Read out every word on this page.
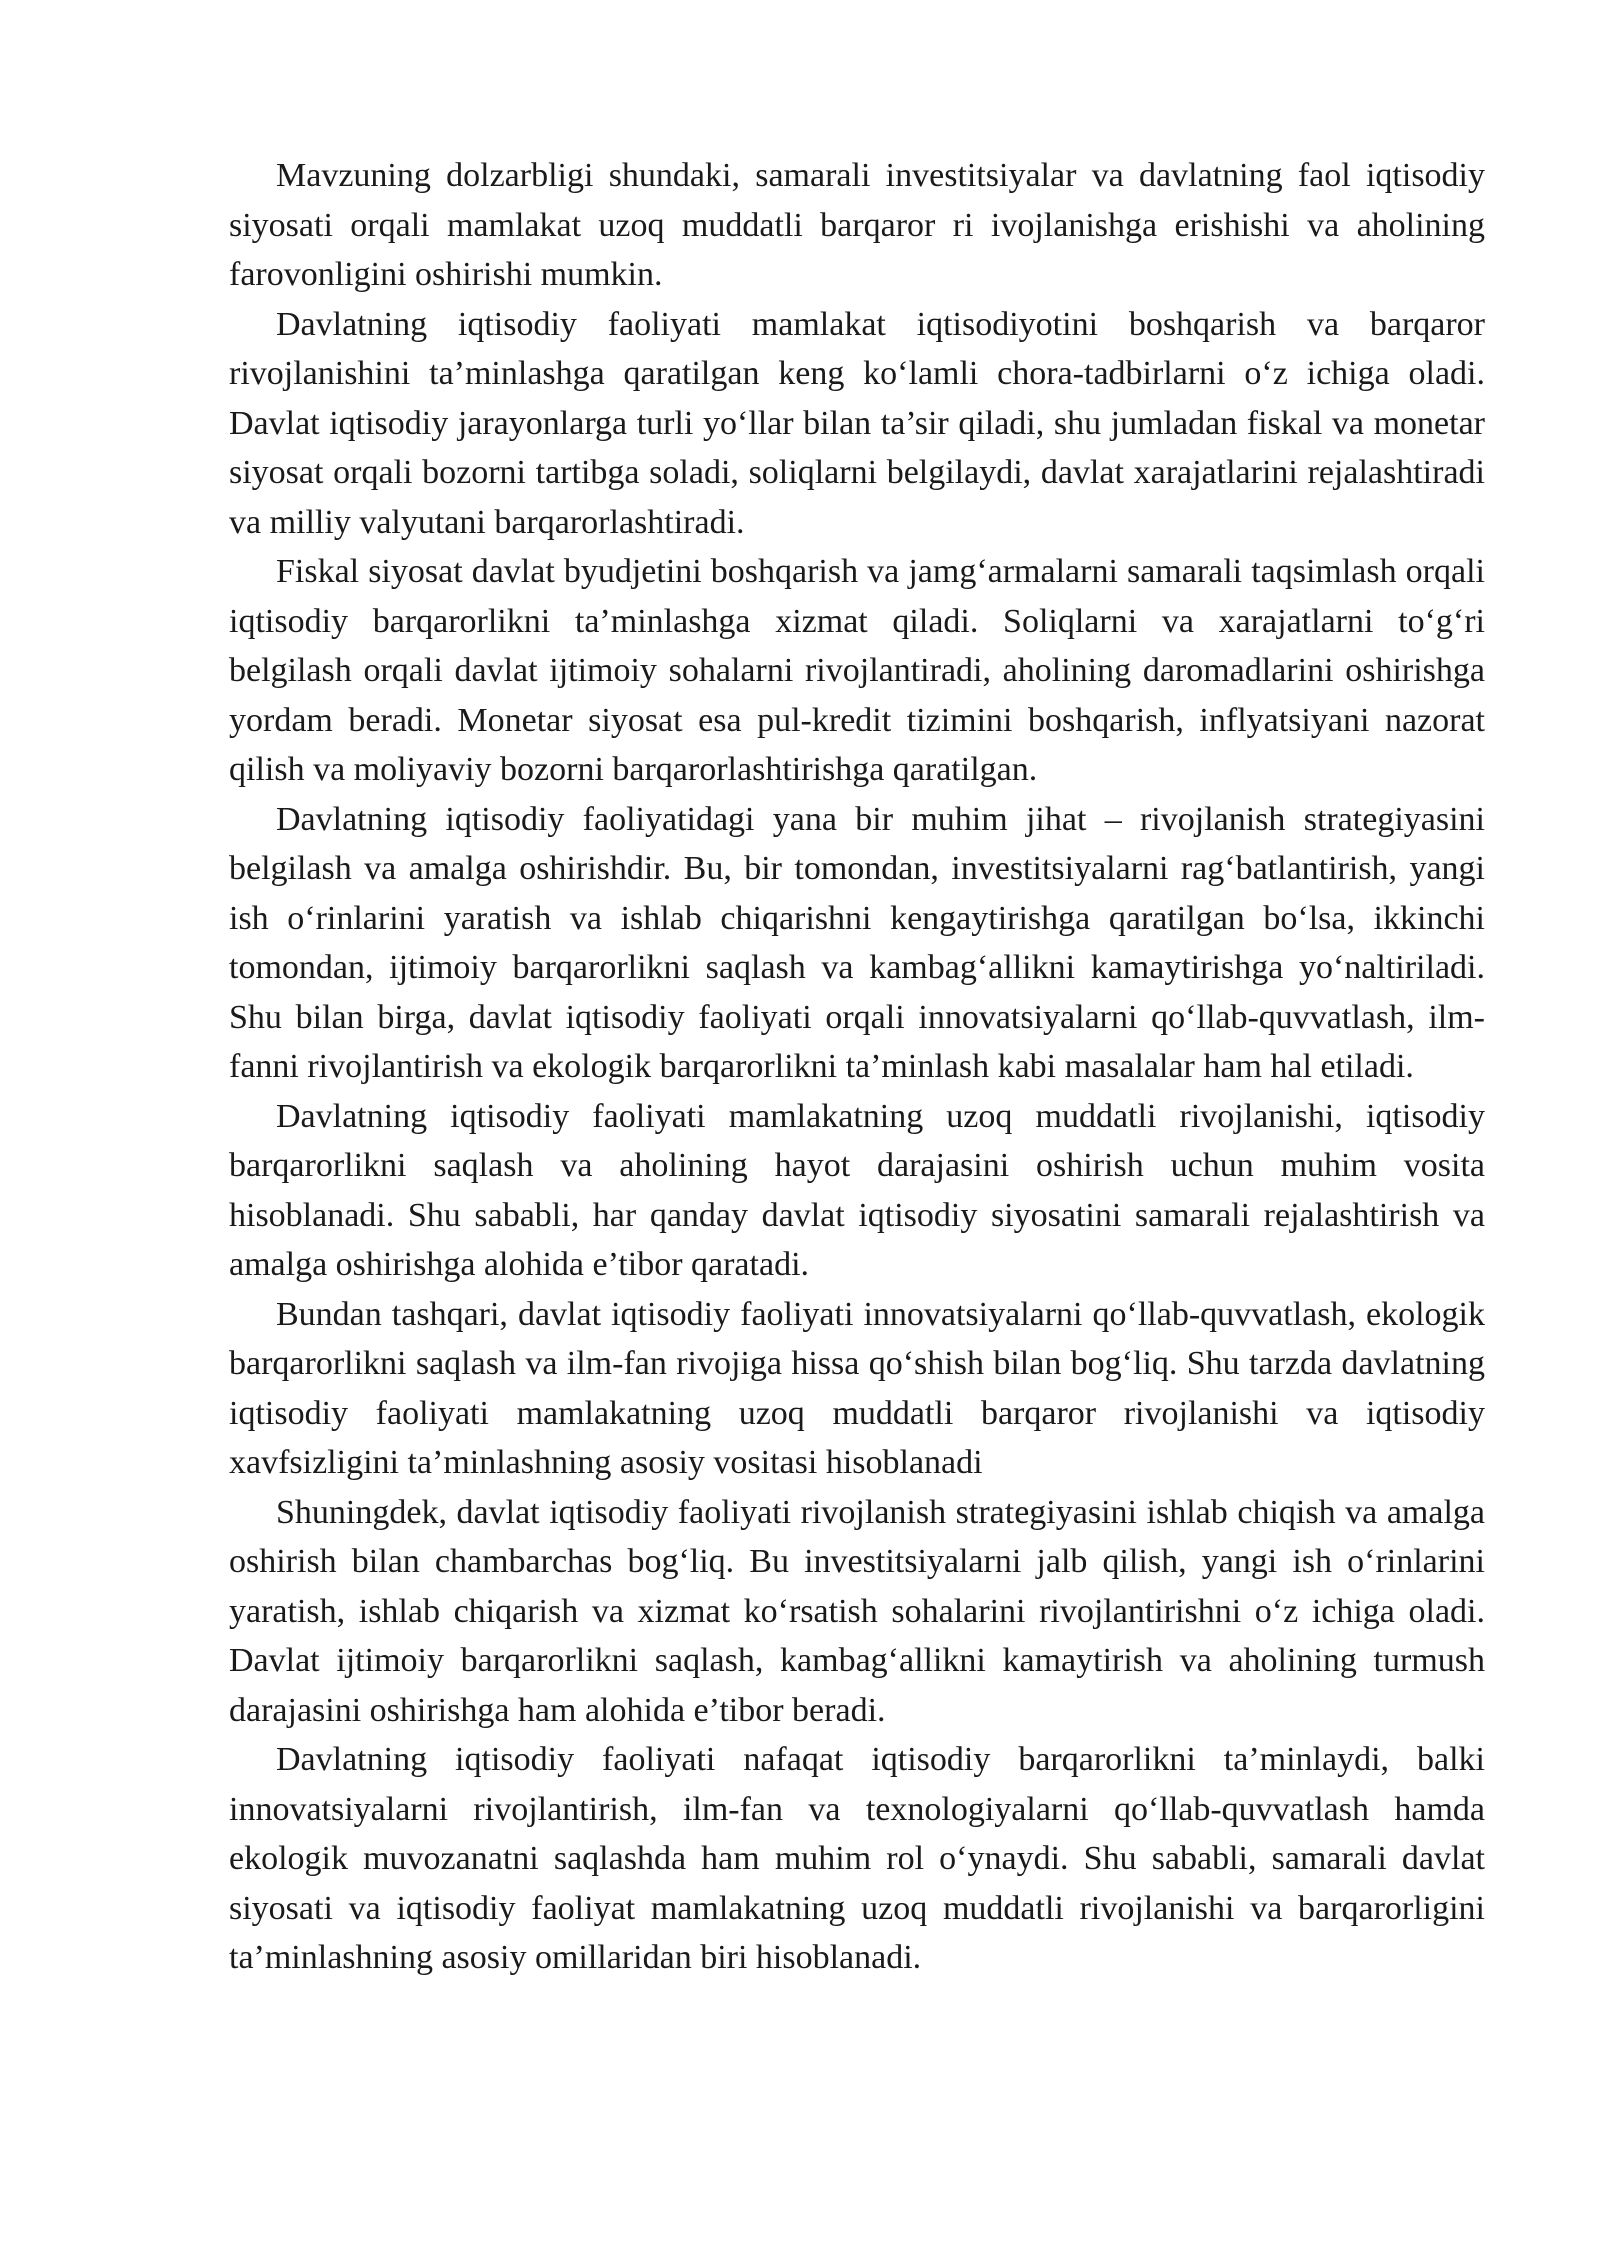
Mavzuning dolzarbligi shundaki, samarali investitsiyalar va davlatning faol iqtisodiy siyosati orqali mamlakat uzoq muddatli barqaror ri ivojlanishga erishishi va aholining farovonligini oshirishi mumkin.

Davlatning iqtisodiy faoliyati mamlakat iqtisodiyotini boshqarish va barqaror rivojlanishini ta’minlashga qaratilgan keng ko‘lamli chora-tadbirlarni o‘z ichiga oladi. Davlat iqtisodiy jarayonlarga turli yo‘llar bilan ta’sir qiladi, shu jumladan fiskal va monetar siyosat orqali bozorni tartibga soladi, soliqlarni belgilaydi, davlat xarajatlarini rejalashtiradi va milliy valyutani barqarorlashtiradi.

Fiskal siyosat davlat byudjetini boshqarish va jamg‘armalarni samarali taqsimlash orqali iqtisodiy barqarorlikni ta’minlashga xizmat qiladi. Soliqlarni va xarajatlarni to‘g‘ri belgilash orqali davlat ijtimoiy sohalarni rivojlantiradi, aholining daromadlarini oshirishga yordam beradi. Monetar siyosat esa pul-kredit tizimini boshqarish, inflyatsiyani nazorat qilish va moliyaviy bozorni barqarorlashtirishga qaratilgan.

Davlatning iqtisodiy faoliyatidagi yana bir muhim jihat – rivojlanish strategiyasini belgilash va amalga oshirishdir. Bu, bir tomondan, investitsiyalarni rag‘batlantirish, yangi ish o‘rinlarini yaratish va ishlab chiqarishni kengaytirishga qaratilgan bo‘lsa, ikkinchi tomondan, ijtimoiy barqarorlikni saqlash va kambag‘allikni kamaytirishga yo‘naltiriladi. Shu bilan birga, davlat iqtisodiy faoliyati orqali innovatsiyalarni qo‘llab-quvvatlash, ilm-fanni rivojlantirish va ekologik barqarorlikni ta’minlash kabi masalalar ham hal etiladi.

Davlatning iqtisodiy faoliyati mamlakatning uzoq muddatli rivojlanishi, iqtisodiy barqarorlikni saqlash va aholining hayot darajasini oshirish uchun muhim vosita hisoblanadi. Shu sababli, har qanday davlat iqtisodiy siyosatini samarali rejalashtirish va amalga oshirishga alohida e’tibor qaratadi.

Bundan tashqari, davlat iqtisodiy faoliyati innovatsiyalarni qo‘llab-quvvatlash, ekologik barqarorlikni saqlash va ilm-fan rivojiga hissa qo‘shish bilan bog‘liq. Shu tarzda davlatning iqtisodiy faoliyati mamlakatning uzoq muddatli barqaror rivojlanishi va iqtisodiy xavfsizligini ta’minlashning asosiy vositasi hisoblanadi

Shuningdek, davlat iqtisodiy faoliyati rivojlanish strategiyasini ishlab chiqish va amalga oshirish bilan chambarchas bog‘liq. Bu investitsiyalarni jalb qilish, yangi ish o‘rinlarini yaratish, ishlab chiqarish va xizmat ko‘rsatish sohalarini rivojlantirishni o‘z ichiga oladi. Davlat ijtimoiy barqarorlikni saqlash, kambag‘allikni kamaytirish va aholining turmush darajasini oshirishga ham alohida e’tibor beradi.

Davlatning iqtisodiy faoliyati nafaqat iqtisodiy barqarorlikni ta’minlaydi, balki innovatsiyalarni rivojlantirish, ilm-fan va texnologiyalarni qo‘llab-quvvatlash hamda ekologik muvozanatni saqlashda ham muhim rol o‘ynaydi. Shu sababli, samarali davlat siyosati va iqtisodiy faoliyat mamlakatning uzoq muddatli rivojlanishi va barqarorligini ta’minlashning asosiy omillaridan biri hisoblanadi.
